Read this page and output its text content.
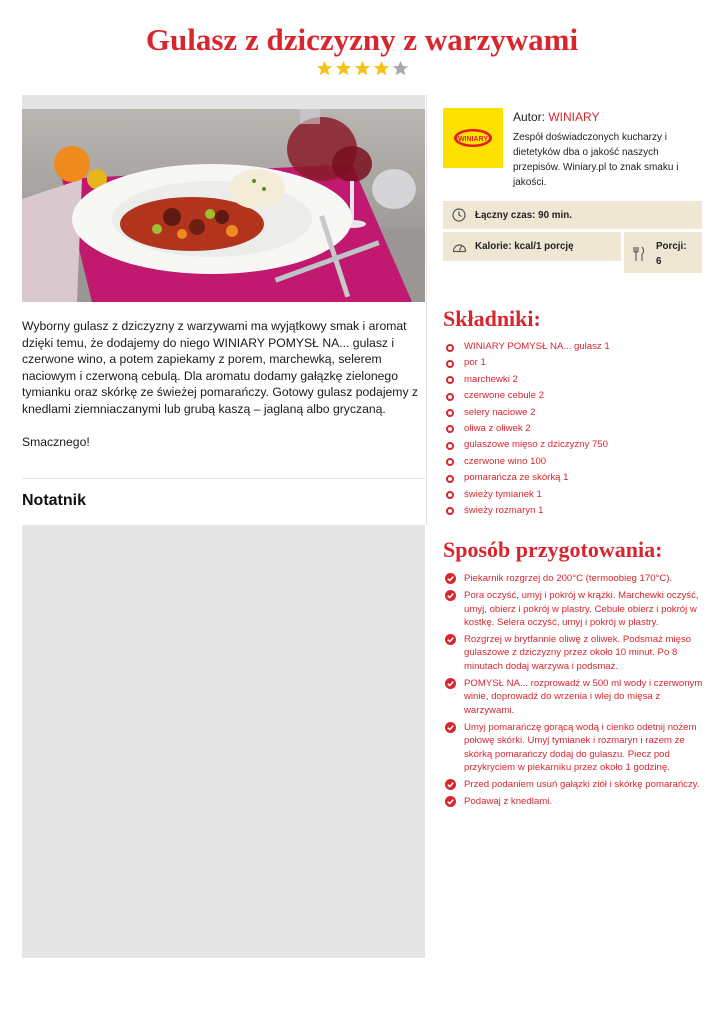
Gulasz z dziczyzny z warzywami

Wyborny gulasz z dziczyzny z warzywami ma wyjątkowy smak i aromat dzięki temu, że dodajemy do niego WINIARY POMYSŁ NA... gulasz i czerwone wino, a potem zapiekamy z porem, marchewką, selerem naciowym i czerwoną cebulą. Dla aromatu dodamy gałązkę zielonego tymianku oraz skórkę ze świeżej pomarańczy. Gotowy gulasz podajemy z knedlami ziemniaczanymi lub grubą kaszą – jaglaną albo gryczaną.

Smacznego!

Notatnik
WINIARY
Autor: WINIARY
Zespół doświadczonych kucharzy i dietetyków dba o jakość naszych przepisów. Winiary.pl to znak smaku i jakości.
Łączny czas: 90 min.
Kalorie: kcal/1 porcję	Porcji:
6
Składniki:
WINIARY POMYSŁ NA... gulasz 1
por 1
marchewki 2
czerwone cebule 2
selery naciowe 2
oliwa z oliwek 2
gulaszowe mięso z dziczyzny 750
czerwone wino 100
pomarańcza ze skórką 1
świeży tymianek 1
świeży rozmaryn 1
Sposób przygotowania:
Piekarnik rozgrzej do 200°C (termoobieg 170°C).
Pora oczyść, umyj i pokrój w krążki. Marchewki oczyść, umyj, obierz i pokrój w plastry. Cebule obierz i pokrój w kostkę. Selera oczyść, umyj i pokrój w plastry.
Rozgrzej w brytfannie oliwę z oliwek. Podsmaż mięso gulaszowe z dziczyzny przez około 10 minut. Po 8 minutach dodaj warzywa i podsmaż.
POMYSŁ NA... rozprowadź w 500 ml wody i czerwonym winie, doprowadź do wrzenia i wlej do mięsa z warzywami.
Umyj pomarańczę gorącą wodą i cienko odetnij nożem połowę skórki. Umyj tymianek i rozmaryn i razem ze skórką pomarańczy dodaj do gulaszu. Piecz pod przykryciem w piekarniku przez około 1 godzinę.
Przed podaniem usuń gałązki ziół i skórkę pomarańczy.
Podawaj z knedlami.
